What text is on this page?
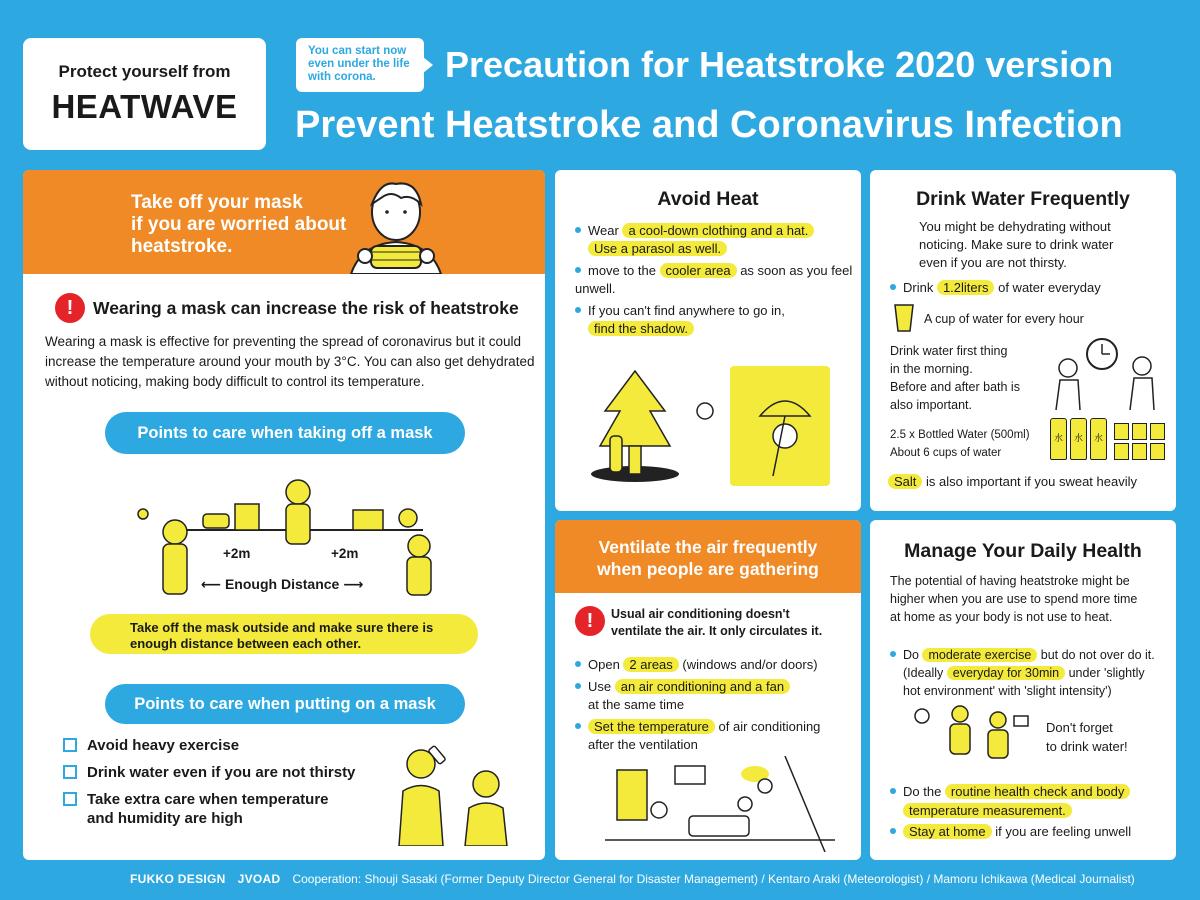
Protect yourself from
HEATWAVE
You can start now
even under the life
with corona.	Precaution for Heatstroke 2020 version
Prevent Heatstroke and Coronavirus Infection
Take off your mask
if you are worried about
heatstroke.
!	Wearing a mask can increase the risk of heatstroke

Wearing a mask is effective for preventing the spread of coronavirus but it could increase the temperature around your mouth by 3°C. You can also get dehydrated without noticing, making body difficult to control its temperature.

Points to care when taking off a mask
+2m	+2m
⟵ Enough Distance ⟶
Take off the mask outside and make sure there is
enough distance between each other.
Points to care when putting on a mask
Avoid heavy exercise
Drink water even if you are not thirsty
Take extra care when temperature and humidity are high
Avoid Heat
Wear a cool-down clothing and a hat.
Use a parasol as well.
move to the cooler area as soon as you feel unwell.
If you can't find anywhere to go in,
find the shadow.
Drink Water Frequently
You might be dehydrating without
noticing. Make sure to drink water
even if you are not thirsty.
Drink 1.2liters of water everyday
A cup of water for every hour
Drink water first thing
in the morning.
Before and after bath is
also important.
2.5 x Bottled Water (500ml)
About 6 cups of water
水	水	水
Salt is also important if you sweat heavily
Ventilate the air frequently
when people are gathering
!	Usual air conditioning doesn't
ventilate the air. It only circulates it.
Open 2 areas (windows and/or doors)
Use an air conditioning and a fan
at the same time
Set the temperature of air conditioning
after the ventilation
Manage Your Daily Health
The potential of having heatstroke might be
higher when you are use to spend more time
at home as your body is not use to heat.
Do moderate exercise but do not over do it.
(Ideally everyday for 30min under 'slightly
hot environment' with 'slight intensity')
Don't forget
to drink water!
Do the routine health check and body
temperature measurement.
Stay at home if you are feeling unwell
FUKKO DESIGN JVOAD Cooperation: Shouji Sasaki (Former Deputy Director General for Disaster Management) / Kentaro Araki (Meteorologist) / Mamoru Ichikawa (Medical Journalist)
